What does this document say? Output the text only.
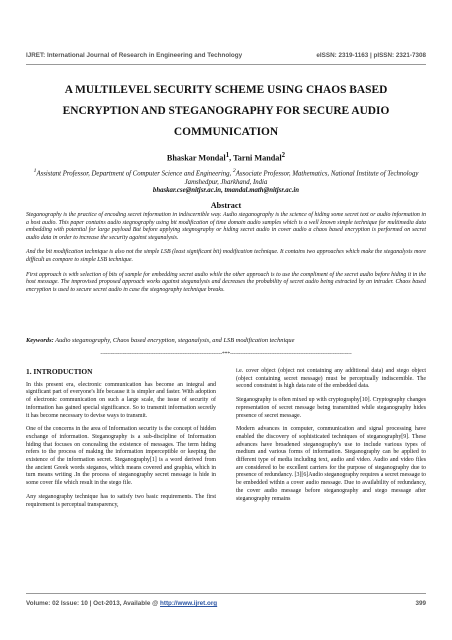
IJRET: International Journal of Research in Engineering and Technology	eISSN: 2319-1163 | pISSN: 2321-7308
A MULTILEVEL SECURITY SCHEME USING CHAOS BASED ENCRYPTION AND STEGANOGRAPHY FOR SECURE AUDIO COMMUNICATION
Bhaskar Mondal$^1$, Tarni Mandal$^2$
$^1$Assistant Professor, Department of Computer Science and Engineering, $^2$Associate Professor, Mathematics, National Institute of Technology Jamshedpur, Jharkhand, India
bhaskar.cse@nitjsr.ac.in, tmandal.math@nitjsr.ac.in
Abstract

Steganography is the practice of encoding secret information in indiscernible way. Audio steganography is the science of hiding some secret text or audio information in a host audio. This paper contains audio stegnography using bit modification of time domain audio samples which is a well known simple technique for multimedia data embedding with potential for large payload But before applying stegnography or hiding secret audio in cover audio a chaos based encryption is performed on secret audio data in order to increase the security against steganalysis.

And the bit modification technique is also not the simple LSB (least significant bit) modification technique. It contains two approaches which make the steganalysis more difficult as compare to simple LSB technique.

First approach is with selection of bits of sample for embedding secret audio while the other approach is to use the compliment of the secret audio before hiding it in the host message. The improvised proposed approach works against steganalysis and decreases the probability of secret audio being extracted by an intruder. Chaos based encryption is used to secure secret audio in case the stegnography technique breaks.

Keywords: Audio steganography, Chaos based encryption, steganalysis, and LSB modification technique
-----------------------------------------------------------------------***-----------------------------------------------------------------------
1. INTRODUCTION

In this present era, electronic communication has become an integral and significant part of everyone's life because it is simpler and faster. With adoption of electronic communication on such a large scale, the issue of security of information has gained special significance. So to transmit information secretly it has become necessary to devise ways to transmit.

One of the concerns in the area of Information security is the concept of hidden exchange of information. Steganography is a sub-discipline of Information hiding that focuses on concealing the existence of messages. The term hiding refers to the process of making the information imperceptible or keeping the existence of the information secret. Steganography[1] is a word derived from the ancient Greek words steganos, which means covered and graphia, which in turn means writing .In the process of steganography secret message is hide in some cover file which result in the stego file.

Any steganography technique has to satisfy two basic requirements. The first requirement is perceptual transparency,

i.e. cover object (object not containing any additional data) and stego object (object containing secret message) must be perceptually indiscernible. The second constraint is high data rate of the embedded data.

Steganography is often mixed up with cryptography[10]. Cryptography changes representation of secret message being transmitted while steganography hides presence of secret message.

Modern advances in computer, communication and signal processing have enabled the discovery of sophisticated techniques of steganography[9]. These advances have broadened steganography's use to include various types of medium and various forms of information. Steganography can be applied to different type of media including text, audio and video. Audio and video files are considered to be excellent carriers for the purpose of steganography due to presence of redundancy. [3][6]Audio steganography requires a secret message to be embedded within a cover audio message. Due to availability of redundancy, the cover audio message before steganography and stego message after steganography remains

Volume: 02 Issue: 10 | Oct-2013, Available @ http://www.ijret.org	399
